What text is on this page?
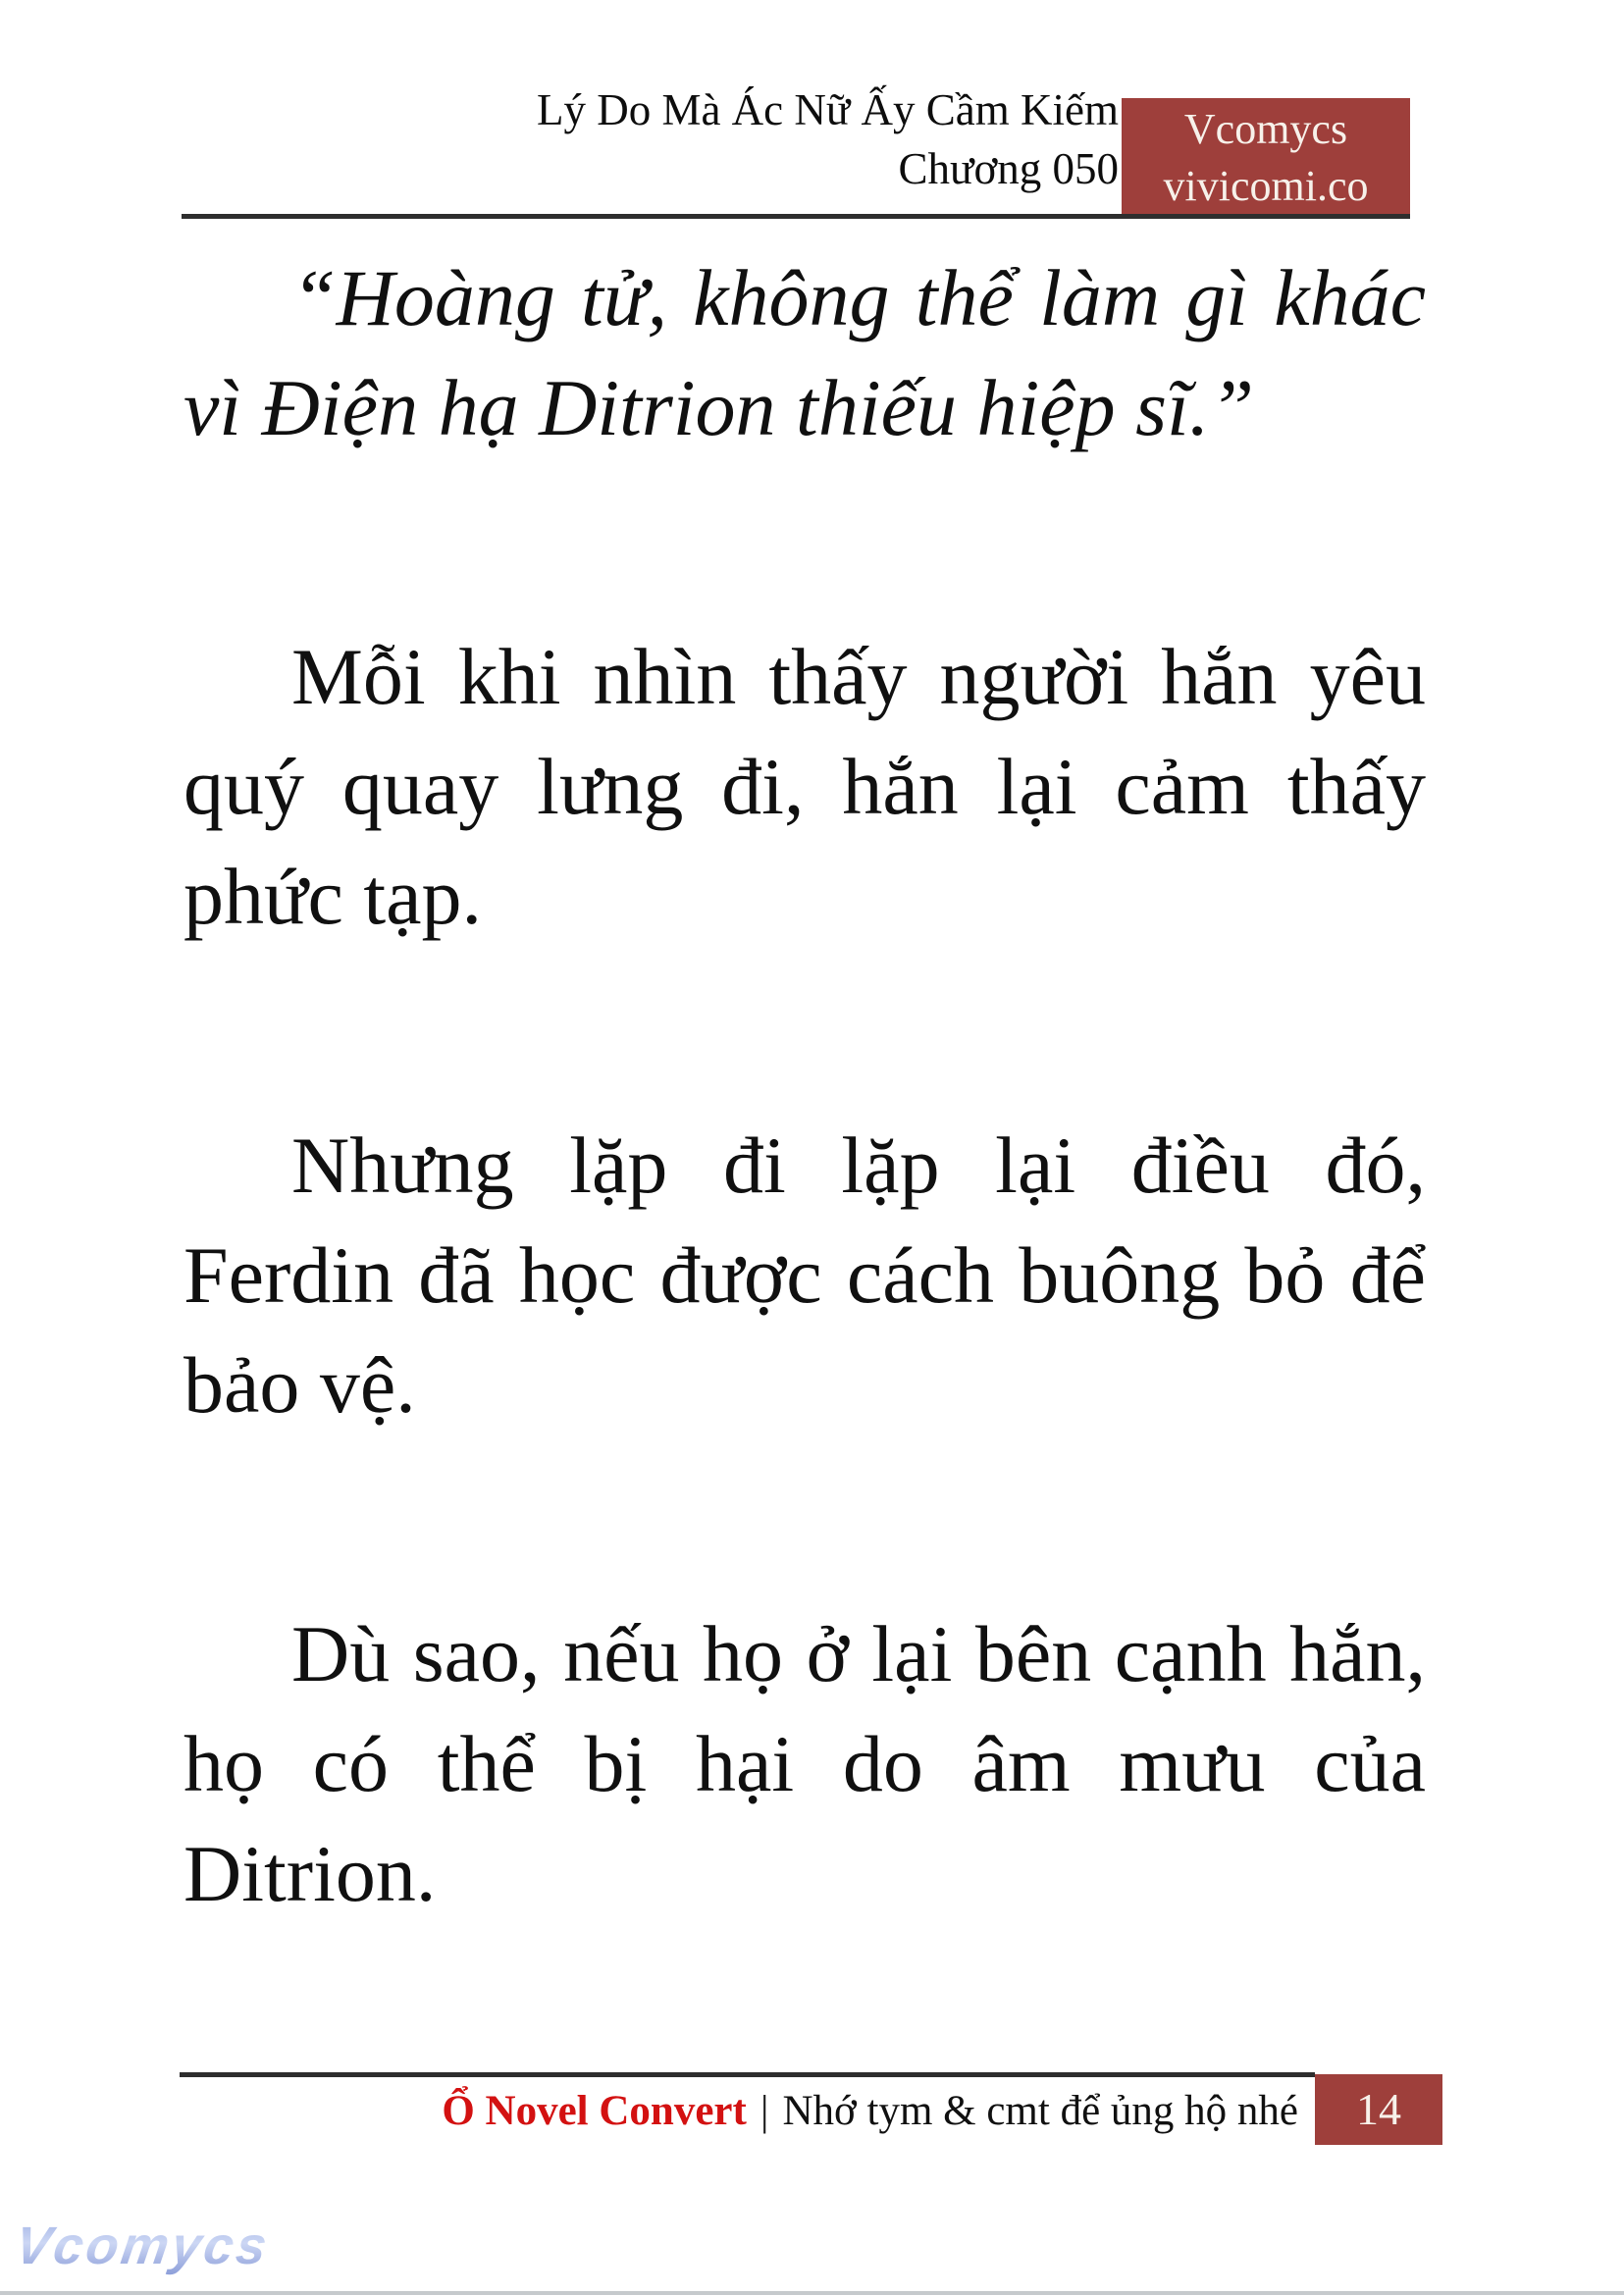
Lý Do Mà Ác Nữ Ấy Cầm Kiếm
Chương 050
Vcomycs
vivicomi.co

“Hoàng tử, không thể làm gì khác vì Điện hạ Ditrion thiếu hiệp sĩ.”

Mỗi khi nhìn thấy người hắn yêu quý quay lưng đi, hắn lại cảm thấy phức tạp.

Nhưng lặp đi lặp lại điều đó, Ferdin đã học được cách buông bỏ để bảo vệ.

Dù sao, nếu họ ở lại bên cạnh hắn, họ có thể bị hại do âm mưu của Ditrion.

Ổ Novel Convert | Nhớ tym & cmt để ủng hộ nhé	14
Vcomycs
